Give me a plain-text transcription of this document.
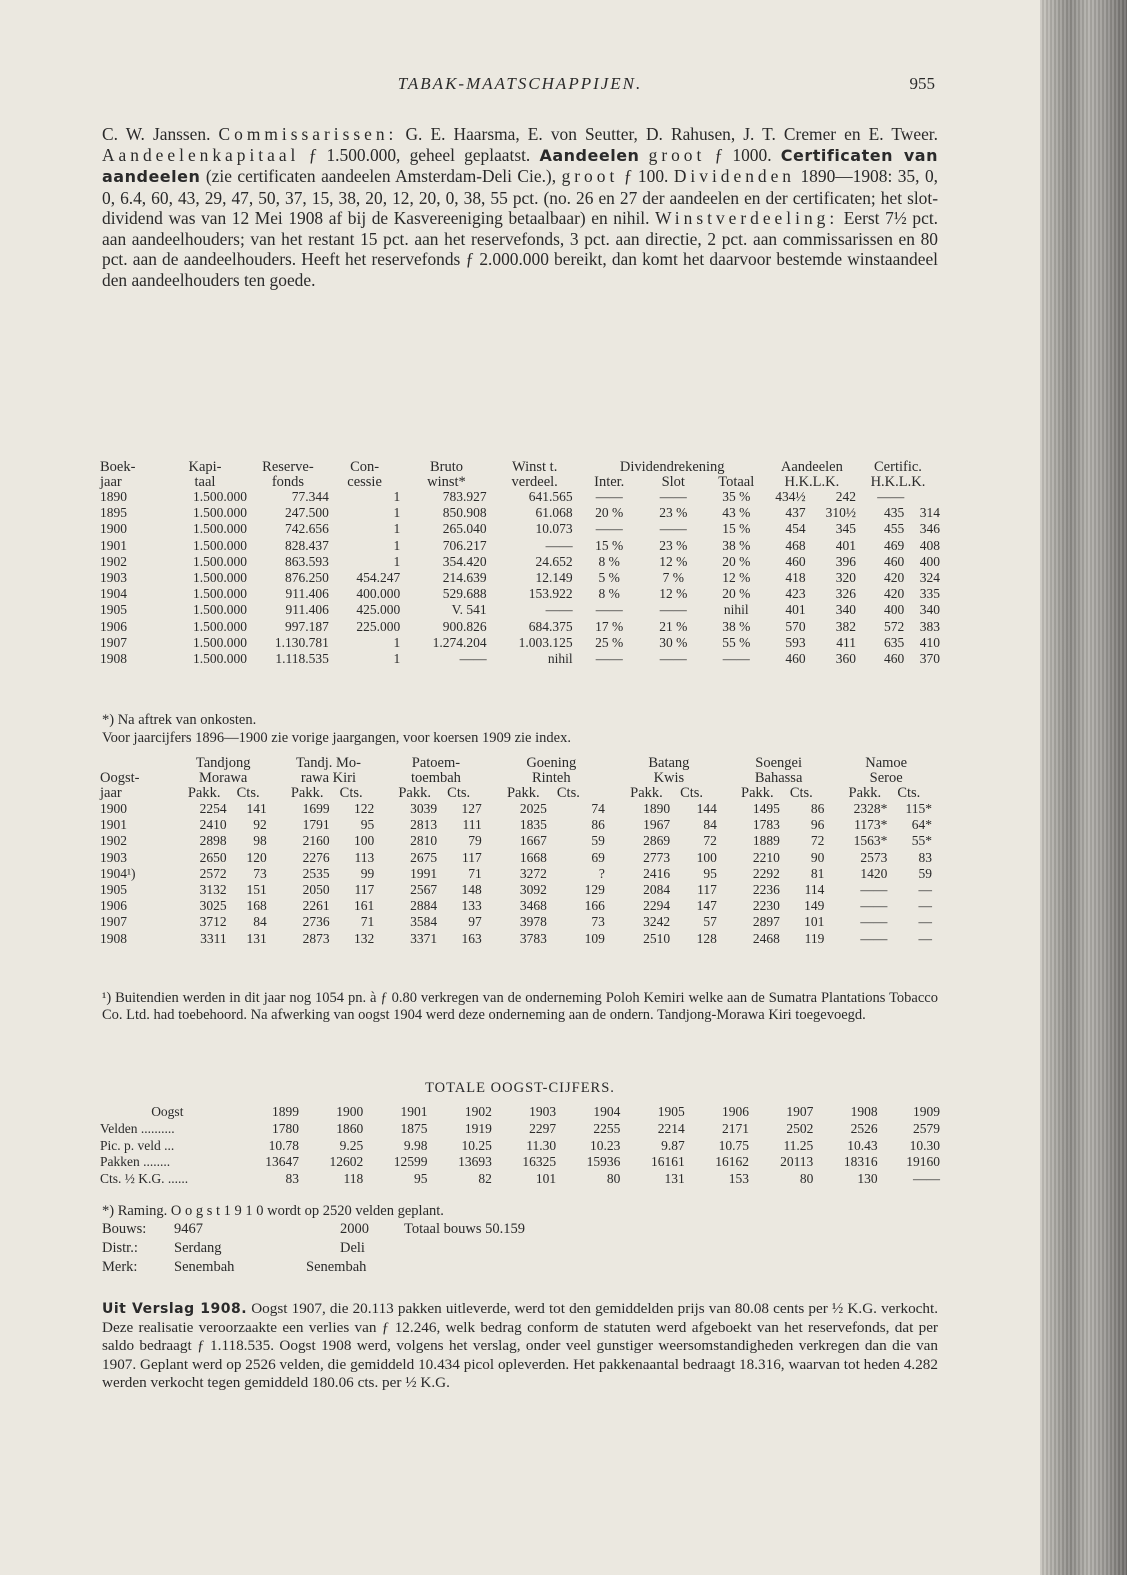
TABAK-MAATSCHAPPIJEN.	955
C. W. Janssen. Commissarissen: G. E. Haarsma, E. von Seutter, D. Rahusen, J. T. Cremer en E. Tweer. Aandeelenkapitaal ƒ 1.500.000, geheel geplaatst. Aandeelen groot ƒ 1000. Certificaten van aandeelen (zie certificaten aandeelen Amsterdam-Deli Cie.), groot ƒ 100. Dividenden 1890—1908: 35, 0, 0, 6.4, 60, 43, 29, 47, 50, 37, 15, 38, 20, 12, 20, 0, 38, 55 pct. (no. 26 en 27 der aandeelen en der certificaten; het slot-dividend was van 12 Mei 1908 af bij de Kasvereeniging betaalbaar) en nihil. Winstverdeeling: Eerst 7½ pct. aan aandeelhouders; van het restant 15 pct. aan het reservefonds, 3 pct. aan directie, 2 pct. aan commissarissen en 80 pct. aan de aandeelhouders. Heeft het reservefonds ƒ 2.000.000 bereikt, dan komt het daarvoor bestemde winstaandeel den aandeelhouders ten goede.
Boek-	Kapi-	Reserve-	Con-	Bruto	Winst t.	Dividendrekening			Aandeelen		Certific.	
jaar	taal	fonds	cessie	winst*	verdeel.	Inter.	Slot	Totaal	H.K.L.K.		H.K.L.K.	
1890	1.500.000	77.344	1	783.927	641.565	——	——	35 %	434½	242	——	
1895	1.500.000	247.500	1	850.908	61.068	20 %	23 %	43 %	437	310½	435	314
1900	1.500.000	742.656	1	265.040	10.073	——	——	15 %	454	345	455	346
1901	1.500.000	828.437	1	706.217	——	15 %	23 %	38 %	468	401	469	408
1902	1.500.000	863.593	1	354.420	24.652	8 %	12 %	20 %	460	396	460	400
1903	1.500.000	876.250	454.247	214.639	12.149	5 %	7 %	12 %	418	320	420	324
1904	1.500.000	911.406	400.000	529.688	153.922	8 %	12 %	20 %	423	326	420	335
1905	1.500.000	911.406	425.000	V. 541	——	——	——	nihil	401	340	400	340
1906	1.500.000	997.187	225.000	900.826	684.375	17 %	21 %	38 %	570	382	572	383
1907	1.500.000	1.130.781	1	1.274.204	1.003.125	25 %	30 %	55 %	593	411	635	410
1908	1.500.000	1.118.535	1	——	nihil	——	——	——	460	360	460	370
*) Na aftrek van onkosten.
Voor jaarcijfers 1896—1900 zie vorige jaargangen, voor koersen 1909 zie index.
	Tandjong		Tandj. Mo-		Patoem-		Goening		Batang		Soengei		Namoe	
Oogst-	Morawa		rawa Kiri		toembah		Rinteh		Kwis		Bahassa		Seroe	
jaar	Pakk.	Cts.	Pakk.	Cts.	Pakk.	Cts.	Pakk.	Cts.	Pakk.	Cts.	Pakk.	Cts.	Pakk.	Cts.
1900	2254	141	1699	122	3039	127	2025	74	1890	144	1495	86	2328*	115*
1901	2410	92	1791	95	2813	111	1835	86	1967	84	1783	96	1173*	64*
1902	2898	98	2160	100	2810	79	1667	59	2869	72	1889	72	1563*	55*
1903	2650	120	2276	113	2675	117	1668	69	2773	100	2210	90	2573	83
1904¹)	2572	73	2535	99	1991	71	3272	?	2416	95	2292	81	1420	59
1905	3132	151	2050	117	2567	148	3092	129	2084	117	2236	114	——	—
1906	3025	168	2261	161	2884	133	3468	166	2294	147	2230	149	——	—
1907	3712	84	2736	71	3584	97	3978	73	3242	57	2897	101	——	—
1908	3311	131	2873	132	3371	163	3783	109	2510	128	2468	119	——	—
¹) Buitendien werden in dit jaar nog 1054 pn. à ƒ 0.80 verkregen van de onderneming Poloh Kemiri welke aan de Sumatra Plantations Tobacco Co. Ltd. had toebehoord. Na afwerking van oogst 1904 werd deze onderneming aan de ondern. Tandjong-Morawa Kiri toegevoegd.
TOTALE OOGST-CIJFERS.
Oogst	1899	1900	1901	1902	1903	1904	1905	1906	1907	1908	1909
Velden ..........	1780	1860	1875	1919	2297	2255	2214	2171	2502	2526	2579
Pic. p. veld ...	10.78	9.25	9.98	10.25	11.30	10.23	9.87	10.75	11.25	10.43	10.30
Pakken ........	13647	12602	12599	13693	16325	15936	16161	16162	20113	18316	19160
Cts. ½ K.G. ......	83	118	95	82	101	80	131	153	80	130	——
*) Raming. O o g s t 1 9 1 0 wordt op 2520 velden geplant.
Bouws: 9467	2000 Totaal bouws 50.159
Distr.: Serdang	Deli
Merk:	Senembah	Senembah
Uit Verslag 1908. Oogst 1907, die 20.113 pakken uitleverde, werd tot den gemiddelden prijs van 80.08 cents per ½ K.G. verkocht. Deze realisatie veroorzaakte een verlies van ƒ 12.246, welk bedrag conform de statuten werd afgeboekt van het reservefonds, dat per saldo bedraagt ƒ 1.118.535. Oogst 1908 werd, volgens het verslag, onder veel gunstiger weersomstandigheden verkregen dan die van 1907. Geplant werd op 2526 velden, die gemiddeld 10.434 picol opleverden. Het pakkenaantal bedraagt 18.316, waarvan tot heden 4.282 werden verkocht tegen gemiddeld 180.06 cts. per ½ K.G.
